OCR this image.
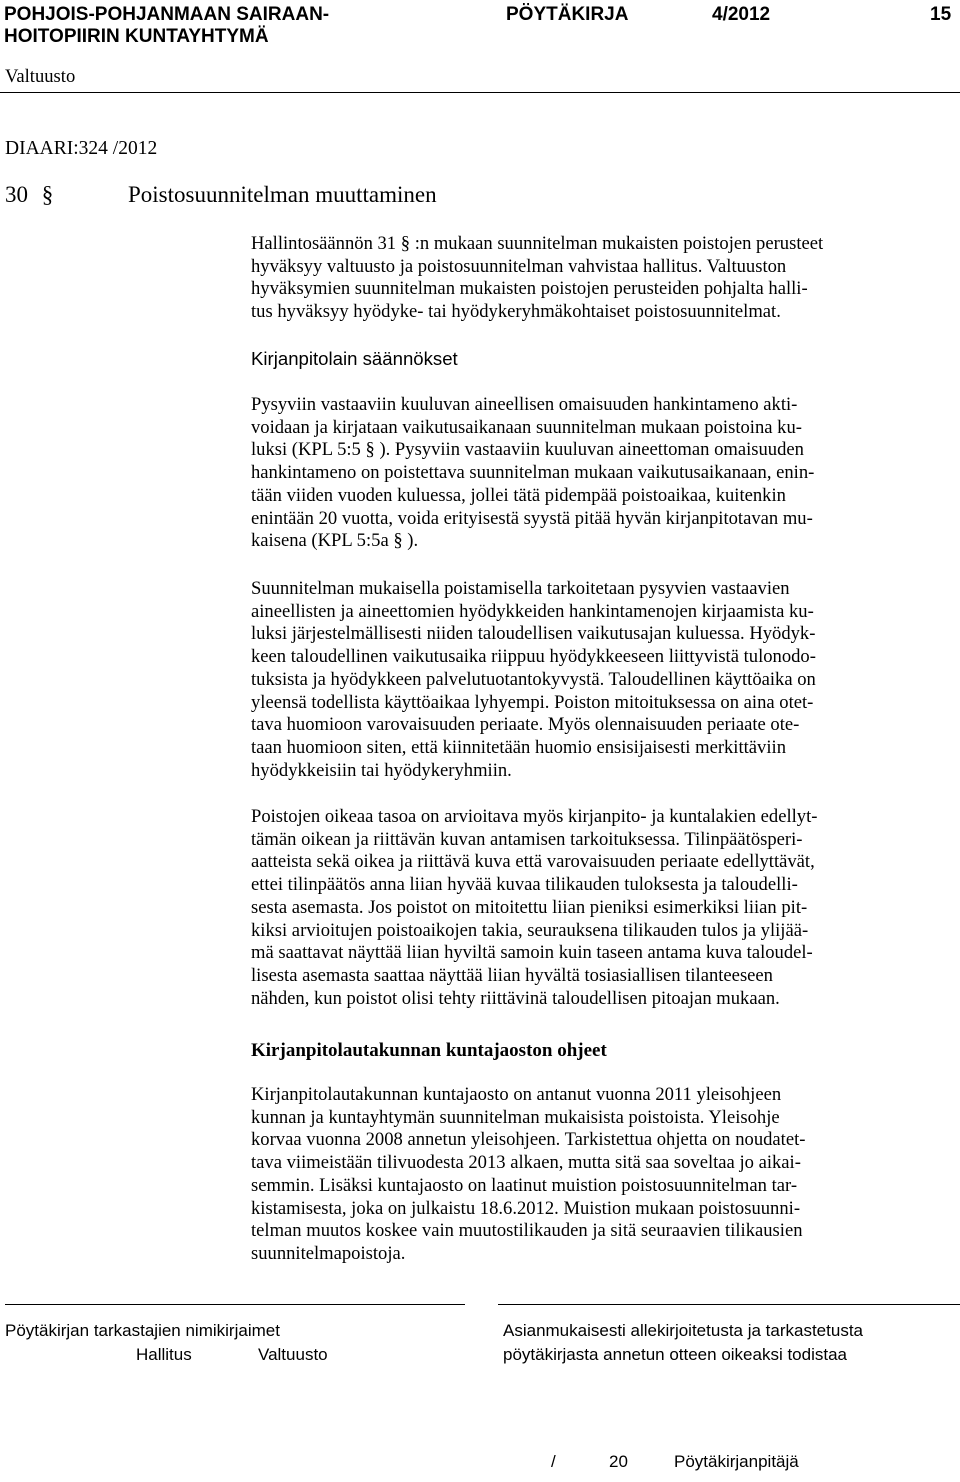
POHJOIS-POHJANMAAN SAIRAAN-
HOITOPIIRIN KUNTAYHTYMÄ
PÖYTÄKIRJA	4/2012	15
Valtuusto
DIAARI:324 /2012
30 §	Poistosuunnitelman muuttaminen
Hallintosäännön 31 § :n mukaan suunnitelman mukaisten poistojen perusteet
hyväksyy valtuusto ja poistosuunnitelman vahvistaa hallitus. Valtuuston
hyväksymien suunnitelman mukaisten poistojen perusteiden pohjalta halli-
tus hyväksyy hyödyke- tai hyödykeryhmäkohtaiset poistosuunnitelmat.
Kirjanpitolain säännökset
Pysyviin vastaaviin kuuluvan aineellisen omaisuuden hankintameno akti-
voidaan ja kirjataan vaikutusaikanaan suunnitelman mukaan poistoina ku-
luksi (KPL 5:5 § ). Pysyviin vastaaviin kuuluvan aineettoman omaisuuden
hankintameno on poistettava suunnitelman mukaan vaikutusaikanaan, enin-
tään viiden vuoden kuluessa, jollei tätä pidempää poistoaikaa, kuitenkin
enintään 20 vuotta, voida erityisestä syystä pitää hyvän kirjanpitotavan mu-
kaisena (KPL 5:5a § ).
Suunnitelman mukaisella poistamisella tarkoitetaan pysyvien vastaavien
aineellisten ja aineettomien hyödykkeiden hankintamenojen kirjaamista ku-
luksi järjestelmällisesti niiden taloudellisen vaikutusajan kuluessa. Hyödyk-
keen taloudellinen vaikutusaika riippuu hyödykkeeseen liittyvistä tulonodo-
tuksista ja hyödykkeen palvelutuotantokyvystä. Taloudellinen käyttöaika on
yleensä todellista käyttöaikaa lyhyempi. Poiston mitoituksessa on aina otet-
tava huomioon varovaisuuden periaate. Myös olennaisuuden periaate ote-
taan huomioon siten, että kiinnitetään huomio ensisijaisesti merkittäviin
hyödykkeisiin tai hyödykeryhmiin.
Poistojen oikeaa tasoa on arvioitava myös kirjanpito- ja kuntalakien edellyt-
tämän oikean ja riittävän kuvan antamisen tarkoituksessa. Tilinpäätösperi-
aatteista sekä oikea ja riittävä kuva että varovaisuuden periaate edellyttävät,
ettei tilinpäätös anna liian hyvää kuvaa tilikauden tuloksesta ja taloudelli-
sesta asemasta. Jos poistot on mitoitettu liian pieniksi esimerkiksi liian pit-
kiksi arvioitujen poistoaikojen takia, seurauksena tilikauden tulos ja ylijää-
mä saattavat näyttää liian hyviltä samoin kuin taseen antama kuva taloudel-
lisesta asemasta saattaa näyttää liian hyvältä tosiasiallisen tilanteeseen
nähden, kun poistot olisi tehty riittävinä taloudellisen pitoajan mukaan.
Kirjanpitolautakunnan kuntajaoston ohjeet
Kirjanpitolautakunnan kuntajaosto on antanut vuonna 2011 yleisohjeen
kunnan ja kuntayhtymän suunnitelman mukaisista poistoista. Yleisohje
korvaa vuonna 2008 annetun yleisohjeen. Tarkistettua ohjetta on noudatet-
tava viimeistään tilivuodesta 2013 alkaen, mutta sitä saa soveltaa jo aikai-
semmin. Lisäksi kuntajaosto on laatinut muistion poistosuunnitelman tar-
kistamisesta, joka on julkaistu 18.6.2012. Muistion mukaan poistosuunni-
telman muutos koskee vain muutostilikauden ja sitä seuraavien tilikausien
suunnitelmapoistoja.
Pöytäkirjan tarkastajien nimikirjaimet
Hallitus	Valtuusto
Asianmukaisesti allekirjoitetusta ja tarkastetusta
pöytäkirjasta annetun otteen oikeaksi todistaa
/	20	Pöytäkirjanpitäjä
